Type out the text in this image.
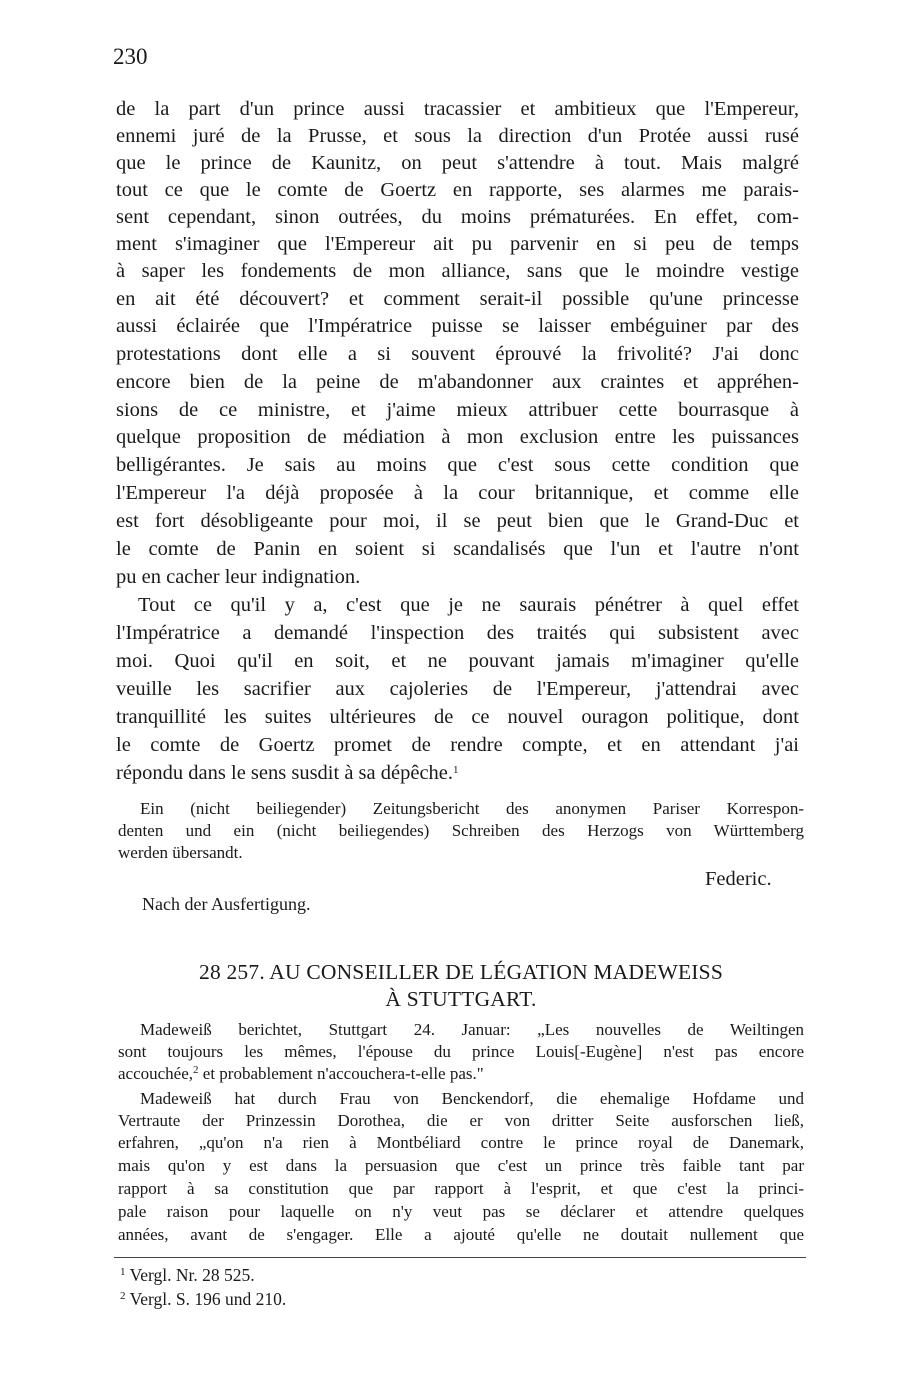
230
de la part d'un prince aussi tracassier et ambitieux que l'Empereur,
ennemi juré de la Prusse, et sous la direction d'un Protée aussi rusé
que le prince de Kaunitz, on peut s'attendre à tout. Mais malgré
tout ce que le comte de Goertz en rapporte, ses alarmes me parais-
sent cependant, sinon outrées, du moins prématurées. En effet, com-
ment s'imaginer que l'Empereur ait pu parvenir en si peu de temps
à saper les fondements de mon alliance, sans que le moindre vestige
en ait été découvert? et comment serait-il possible qu'une princesse
aussi éclairée que l'Impératrice puisse se laisser embéguiner par des
protestations dont elle a si souvent éprouvé la frivolité? J'ai donc
encore bien de la peine de m'abandonner aux craintes et appréhen-
sions de ce ministre, et j'aime mieux attribuer cette bourrasque à
quelque proposition de médiation à mon exclusion entre les puissances
belligérantes. Je sais au moins que c'est sous cette condition que
l'Empereur l'a déjà proposée à la cour britannique, et comme elle
est fort désobligeante pour moi, il se peut bien que le Grand-Duc et
le comte de Panin en soient si scandalisés que l'un et l'autre n'ont
pu en cacher leur indignation.
Tout ce qu'il y a, c'est que je ne saurais pénétrer à quel effet
l'Impératrice a demandé l'inspection des traités qui subsistent avec
moi. Quoi qu'il en soit, et ne pouvant jamais m'imaginer qu'elle
veuille les sacrifier aux cajoleries de l'Empereur, j'attendrai avec
tranquillité les suites ultérieures de ce nouvel ouragon politique, dont
le comte de Goertz promet de rendre compte, et en attendant j'ai
répondu dans le sens susdit à sa dépêche.$^1$
Ein (nicht beiliegender) Zeitungsbericht des anonymen Pariser Korrespon-
denten und ein (nicht beiliegendes) Schreiben des Herzogs von Württemberg
werden übersandt.
Federic.
Nach der Ausfertigung.
28 257. AU CONSEILLER DE LÉGATION MADEWEISS
À STUTTGART.
Madeweiß berichtet, Stuttgart 24. Januar: „Les nouvelles de Weiltingen
sont toujours les mêmes, l'épouse du prince Louis[-Eugène] n'est pas encore
accouchée,$^2$ et probablement n'accouchera-t-elle pas."
Madeweiß hat durch Frau von Benckendorf, die ehemalige Hofdame und
Vertraute der Prinzessin Dorothea, die er von dritter Seite ausforschen ließ,
erfahren, „qu'on n'a rien à Montbéliard contre le prince royal de Danemark,
mais qu'on y est dans la persuasion que c'est un prince très faible tant par
rapport à sa constitution que par rapport à l'esprit, et que c'est la princi-
pale raison pour laquelle on n'y veut pas se déclarer et attendre quelques
années, avant de s'engager. Elle a ajouté qu'elle ne doutait nullement que
$^1$ Vergl. Nr. 28 525.
$^2$ Vergl. S. 196 und 210.
